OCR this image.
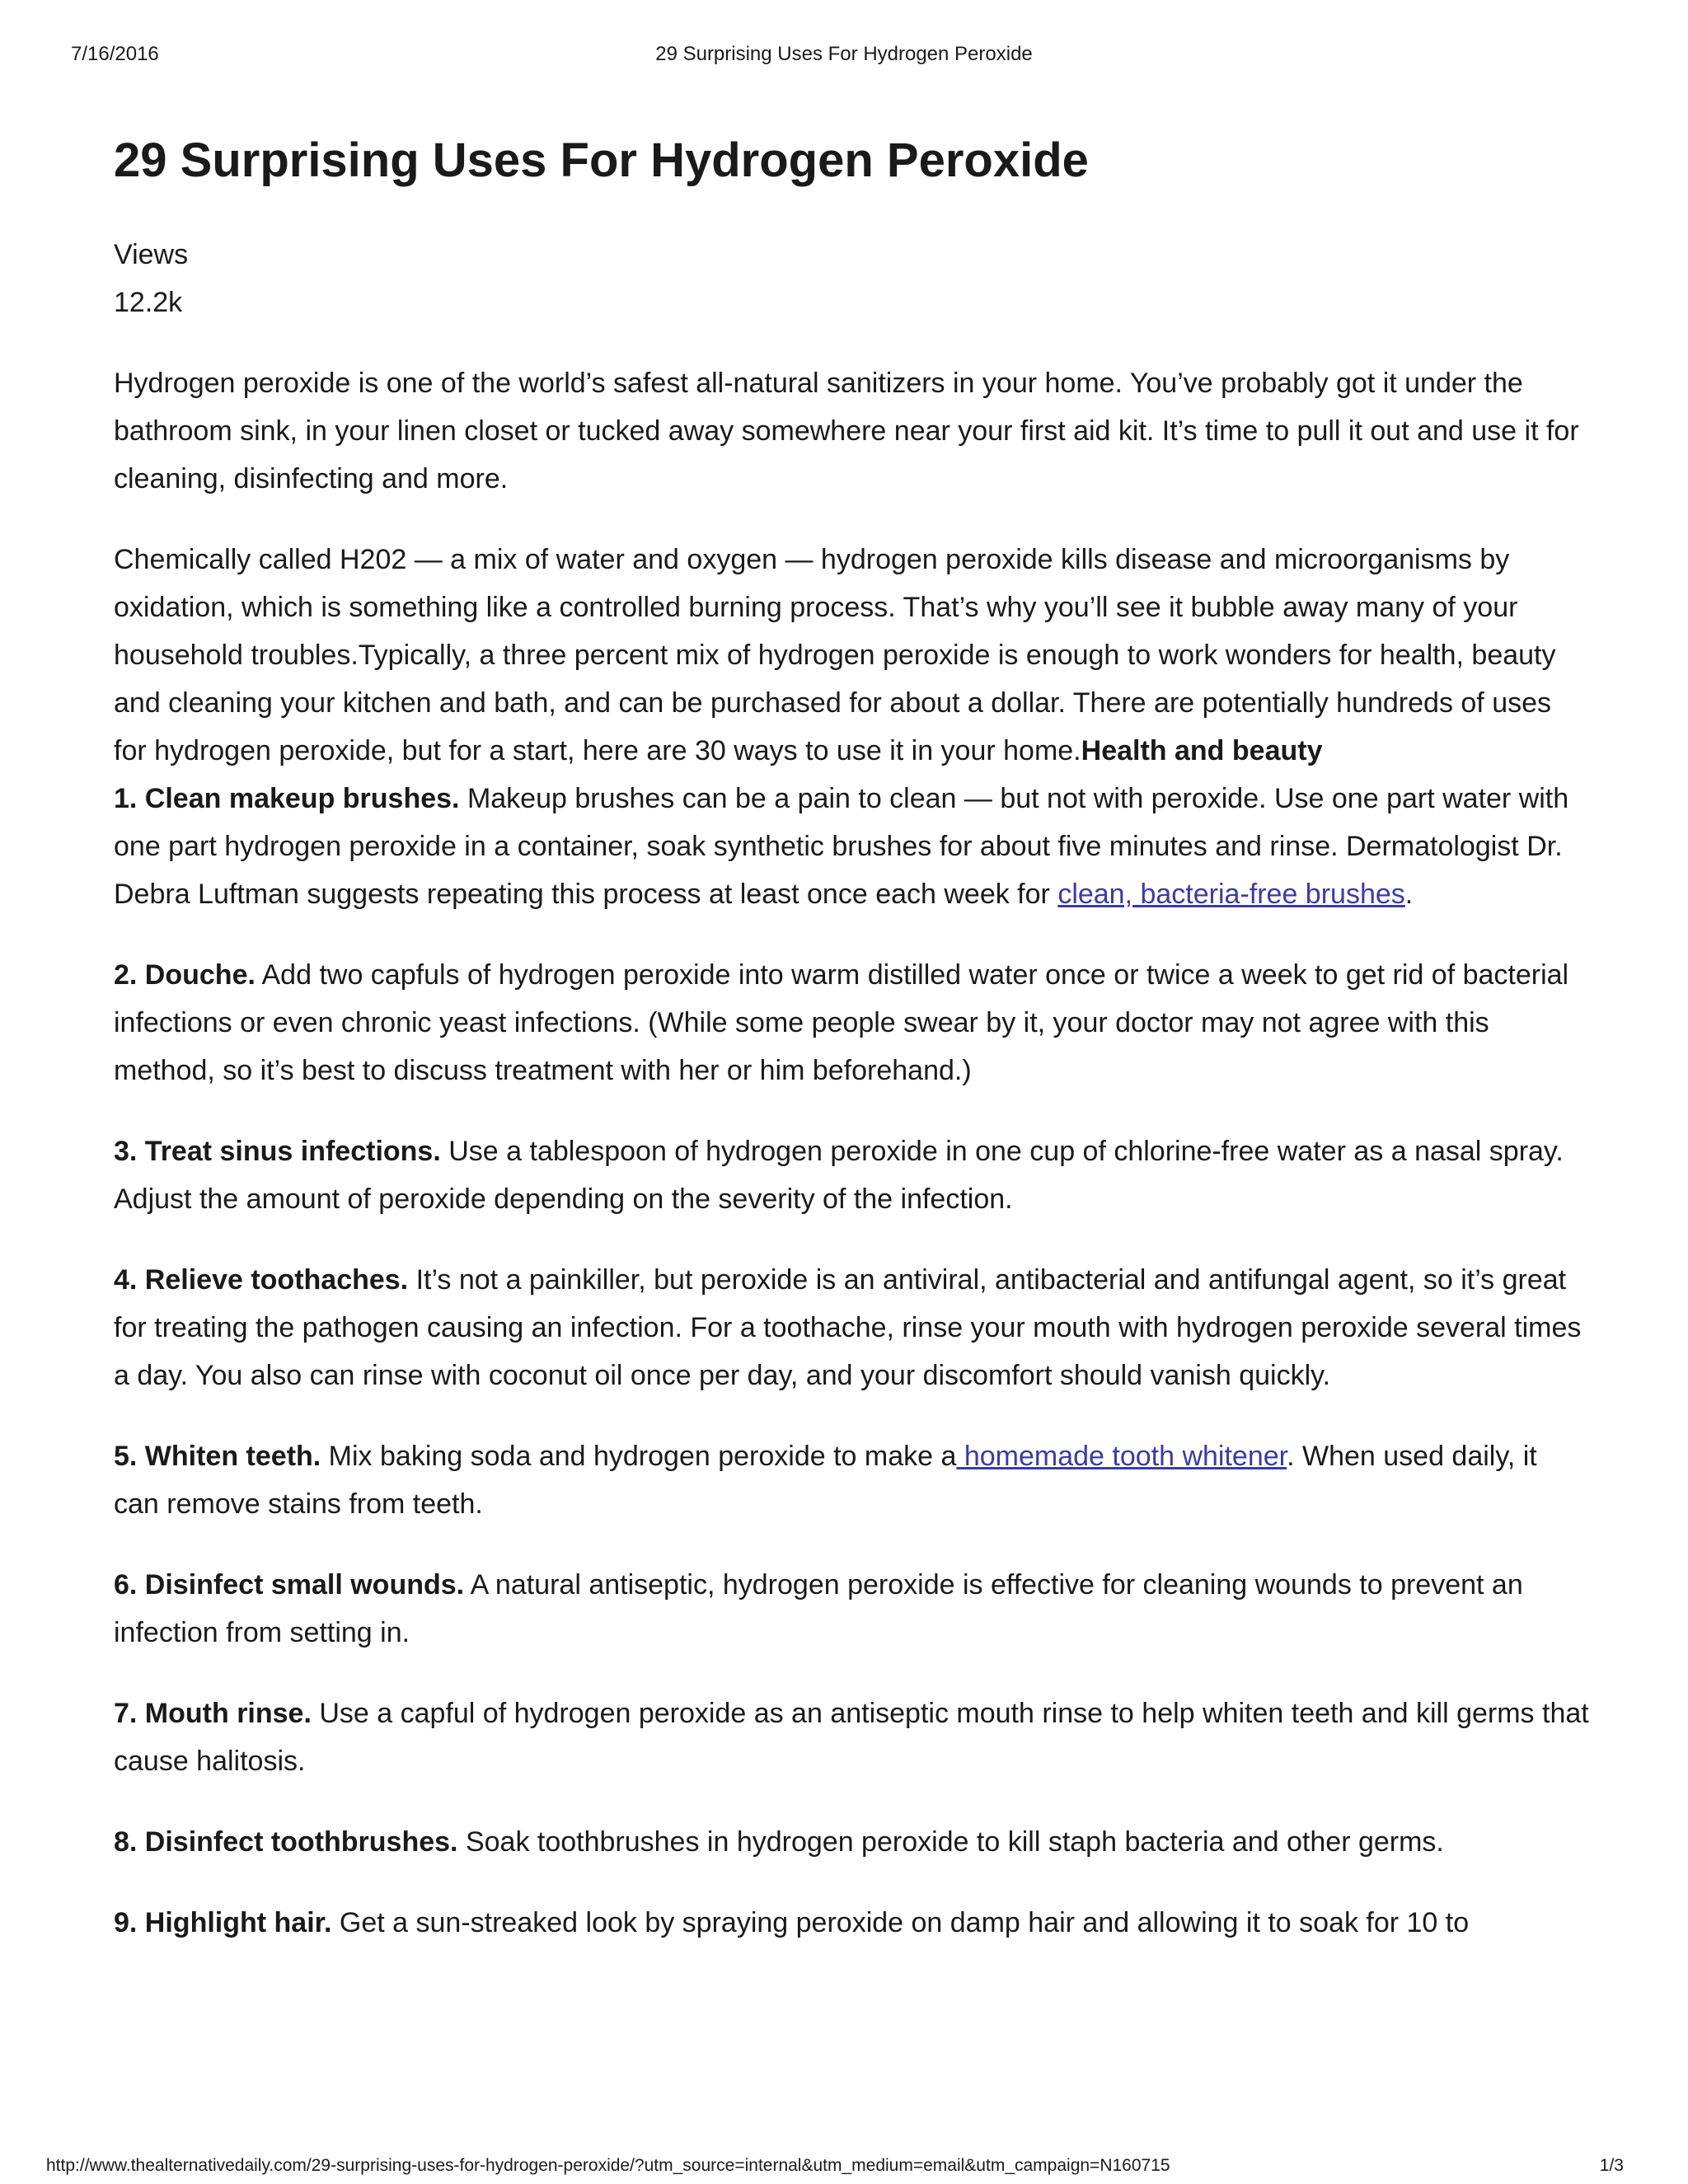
7/16/2016	29 Surprising Uses For Hydrogen Peroxide
29 Surprising Uses For Hydrogen Peroxide
Views
12.2k

Hydrogen peroxide is one of the world’s safest all-natural sanitizers in your home. You’ve probably got it under the bathroom sink, in your linen closet or tucked away somewhere near your first aid kit. It’s time to pull it out and use it for cleaning, disinfecting and more.

Chemically called H202 — a mix of water and oxygen — hydrogen peroxide kills disease and microorganisms by oxidation, which is something like a controlled burning process. That’s why you’ll see it bubble away many of your household troubles.Typically, a three percent mix of hydrogen peroxide is enough to work wonders for health, beauty and cleaning your kitchen and bath, and can be purchased for about a dollar. There are potentially hundreds of uses for hydrogen peroxide, but for a start, here are 30 ways to use it in your home.Health and beauty

1. Clean makeup brushes. Makeup brushes can be a pain to clean — but not with peroxide. Use one part water with one part hydrogen peroxide in a container, soak synthetic brushes for about five minutes and rinse. Dermatologist Dr. Debra Luftman suggests repeating this process at least once each week for clean, bacteria-free brushes.

2. Douche. Add two capfuls of hydrogen peroxide into warm distilled water once or twice a week to get rid of bacterial infections or even chronic yeast infections. (While some people swear by it, your doctor may not agree with this method, so it’s best to discuss treatment with her or him beforehand.)

3. Treat sinus infections. Use a tablespoon of hydrogen peroxide in one cup of chlorine-free water as a nasal spray. Adjust the amount of peroxide depending on the severity of the infection.

4. Relieve toothaches. It’s not a painkiller, but peroxide is an antiviral, antibacterial and antifungal agent, so it’s great for treating the pathogen causing an infection. For a toothache, rinse your mouth with hydrogen peroxide several times a day. You also can rinse with coconut oil once per day, and your discomfort should vanish quickly.

5. Whiten teeth. Mix baking soda and hydrogen peroxide to make a homemade tooth whitener. When used daily, it can remove stains from teeth.

6. Disinfect small wounds. A natural antiseptic, hydrogen peroxide is effective for cleaning wounds to prevent an infection from setting in.

7. Mouth rinse. Use a capful of hydrogen peroxide as an antiseptic mouth rinse to help whiten teeth and kill germs that cause halitosis.

8. Disinfect toothbrushes. Soak toothbrushes in hydrogen peroxide to kill staph bacteria and other germs.

9. Highlight hair. Get a sun-streaked look by spraying peroxide on damp hair and allowing it to soak for 10 to

http://www.thealternativedaily.com/29-surprising-uses-for-hydrogen-peroxide/?utm_source=internal&utm_medium=email&utm_campaign=N160715	1/3
